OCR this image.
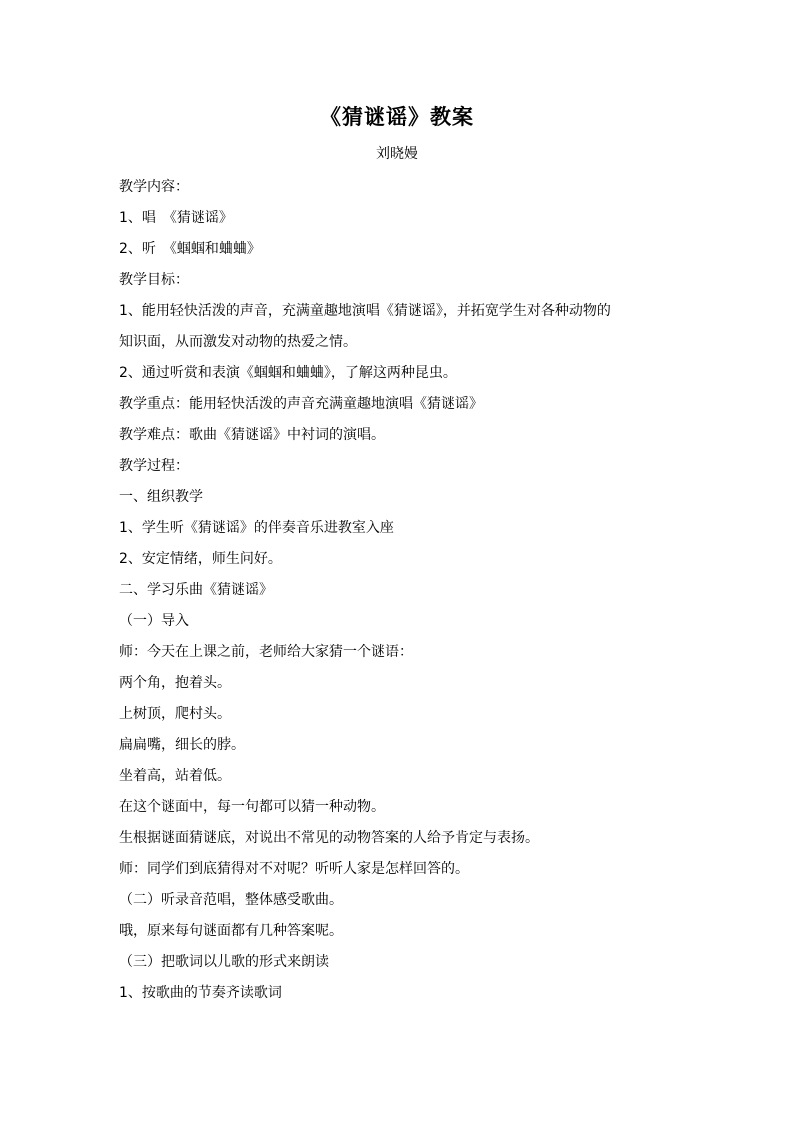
《猜谜谣》教案
刘晓嫚
教学内容：
1、唱　《猜谜谣》
2、听　《蝈蝈和蛐蛐》
教学目标：
1、能用轻快活泼的声音，充满童趣地演唱《猜谜谣》，并拓宽学生对各种动物的
知识面，从而激发对动物的热爱之情。
2、通过听赏和表演《蝈蝈和蛐蛐》，了解这两种昆虫。
教学重点：能用轻快活泼的声音充满童趣地演唱《猜谜谣》
教学难点：歌曲《猜谜谣》中衬词的演唱。
教学过程：
一、组织教学
1、学生听《猜谜谣》的伴奏音乐进教室入座
2、安定情绪，师生问好。
二、学习乐曲《猜谜谣》
（一）导入
师：今天在上课之前，老师给大家猜一个谜语：
两个角，抱着头。
上树顶，爬村头。
扁扁嘴，细长的脖。
坐着高，站着低。
在这个谜面中，每一句都可以猜一种动物。
生根据谜面猜谜底，对说出不常见的动物答案的人给予肯定与表扬。
师：同学们到底猜得对不对呢？听听人家是怎样回答的。
（二）听录音范唱，整体感受歌曲。
哦，原来每句谜面都有几种答案呢。
（三）把歌词以儿歌的形式来朗读
1、按歌曲的节奏齐读歌词
